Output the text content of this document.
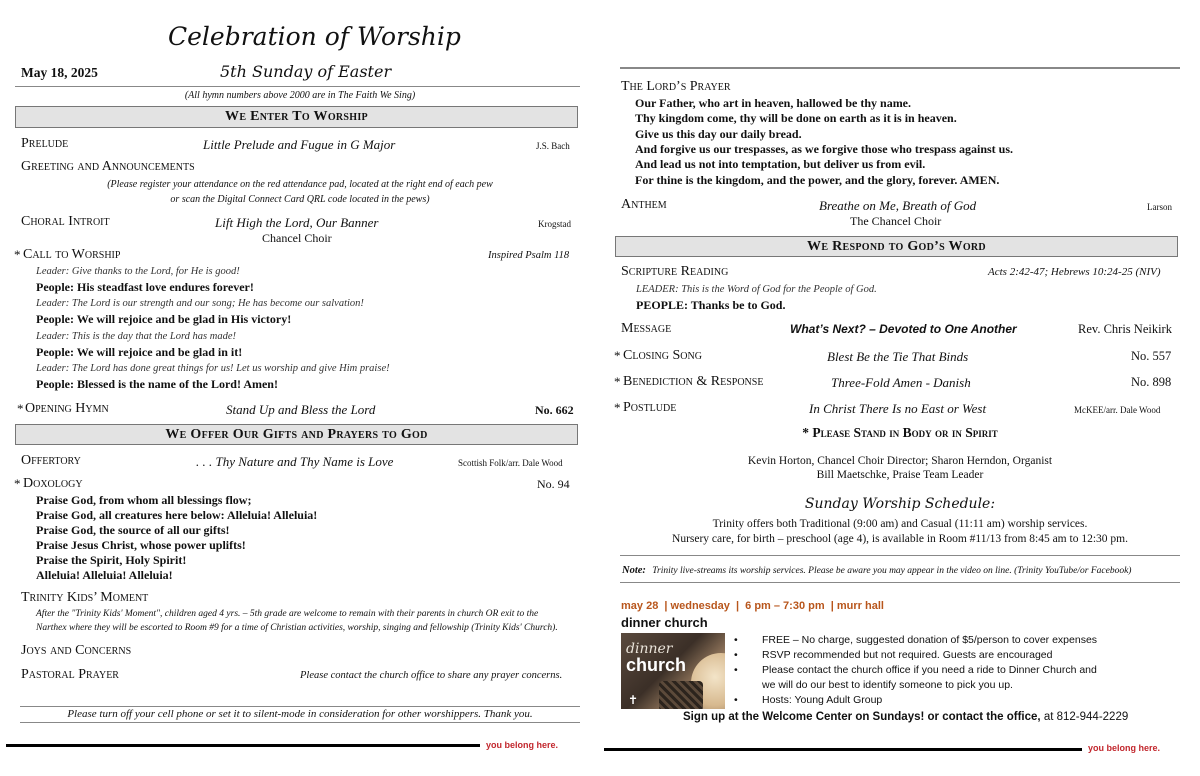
Celebration of Worship
May 18, 2025	5th Sunday of Easter
(All hymn numbers above 2000 are in The Faith We Sing)
We Enter To Worship
Prelude	Little Prelude and Fugue in G Major	J.S. Bach
Greeting and Announcements
(Please register your attendance on the red attendance pad, located at the right end of each pew
or scan the Digital Connect Card QRL code located in the pews)
Choral Introit	Lift High the Lord, Our Banner	Krogstad
Chancel Choir
* Call to Worship	Inspired Psalm 118
Leader: Give thanks to the Lord, for He is good!
People: His steadfast love endures forever!
Leader: The Lord is our strength and our song; He has become our salvation!
People: We will rejoice and be glad in His victory!
Leader: This is the day that the Lord has made!
People: We will rejoice and be glad in it!
Leader: The Lord has done great things for us! Let us worship and give Him praise!
People: Blessed is the name of the Lord! Amen!
* Opening Hymn	Stand Up and Bless the Lord	No. 662
We Offer Our Gifts and Prayers to God
Offertory	. . . Thy Nature and Thy Name is Love	Scottish Folk/arr. Dale Wood
* Doxology	No. 94
Praise God, from whom all blessings flow;
Praise God, all creatures here below: Alleluia! Alleluia!
Praise God, the source of all our gifts!
Praise Jesus Christ, whose power uplifts!
Praise the Spirit, Holy Spirit!
Alleluia! Alleluia! Alleluia!
Trinity Kids’ Moment
After the "Trinity Kids' Moment", children aged 4 yrs. – 5th grade are welcome to remain with their parents in church OR exit to the
Narthex where they will be escorted to Room #9 for a time of Christian activities, worship, singing and fellowship (Trinity Kids' Church).
Joys and Concerns
Pastoral Prayer	Please contact the church office to share any prayer concerns.
Please turn off your cell phone or set it to silent-mode in consideration for other worshippers. Thank you.
you belong here.
The Lord’s Prayer
Our Father, who art in heaven, hallowed be thy name.
Thy kingdom come, thy will be done on earth as it is in heaven.
Give us this day our daily bread.
And forgive us our trespasses, as we forgive those who trespass against us.
And lead us not into temptation, but deliver us from evil.
For thine is the kingdom, and the power, and the glory, forever. AMEN.
Anthem	Breathe on Me, Breath of God	Larson
The Chancel Choir
We Respond to God’s Word
Scripture Reading	Acts 2:42-47; Hebrews 10:24-25 (NIV)
LEADER: This is the Word of God for the People of God.
PEOPLE: Thanks be to God.
Message	What’s Next? – Devoted to One Another	Rev. Chris Neikirk
* Closing Song	Blest Be the Tie That Binds	No. 557
* Benediction & Response	Three-Fold Amen - Danish	No. 898
* Postlude	In Christ There Is no East or West	McKEE/arr. Dale Wood
* Please Stand in Body or in Spirit
Kevin Horton, Chancel Choir Director; Sharon Herndon, Organist
Bill Maetschke, Praise Team Leader
Sunday Worship Schedule:
Trinity offers both Traditional (9:00 am) and Casual (11:11 am) worship services.
Nursery care, for birth – preschool (age 4), is available in Room #11/13 from 8:45 am to 12:30 pm.
Note: Trinity live-streams its worship services. Please be aware you may appear in the video on line. (Trinity YouTube/or Facebook)
may 28  | wednesday  |  6 pm – 7:30 pm  | murr hall
dinner church
dinner
church
✝
• FREE – No charge, suggested donation of $5/person to cover expenses
• RSVP recommended but not required. Guests are encouraged
• Please contact the church office if you need a ride to Dinner Church and
we will do our best to identify someone to pick you up.
• Hosts: Young Adult Group
Sign up at the Welcome Center on Sundays! or contact the office, at 812-944-2229
you belong here.
